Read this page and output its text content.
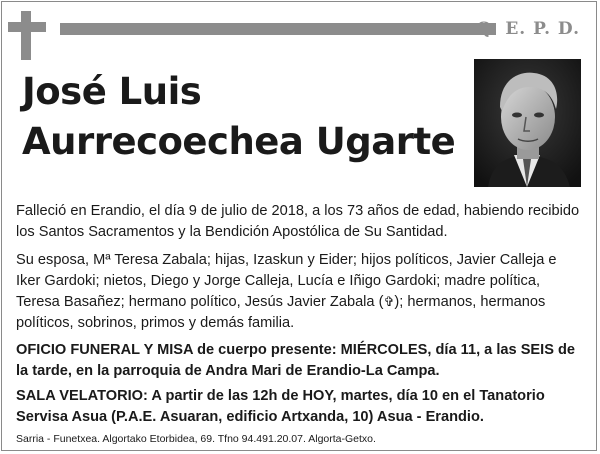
Q. E. P. D.
José Luis
Aurrecoechea Ugarte
Falleció en Erandio, el día 9 de julio de 2018, a los 73 años de edad, habiendo recibido los Santos Sacramentos y la Bendición Apostólica de Su Santidad.
Su esposa, Mª Teresa Zabala; hijas, Izaskun y Eider; hijos políticos, Javier Calleja e Iker Gardoki; nietos, Diego y Jorge Calleja, Lucía e Iñigo Gardoki; madre política, Teresa Basañez; hermano político, Jesús Javier Zabala (✞); hermanos, hermanos políticos, sobrinos, primos y demás familia.
OFICIO FUNERAL Y MISA de cuerpo presente: MIÉRCOLES, día 11, a las SEIS de la tarde, en la parroquia de Andra Mari de Erandio-La Campa.
SALA VELATORIO: A partir de las 12h de HOY, martes, día 10 en el Tanatorio Servisa Asua (P.A.E. Asuaran, edificio Artxanda, 10) Asua - Erandio.
Sarria - Funetxea. Algortako Etorbidea, 69. Tfno 94.491.20.07. Algorta-Getxo.
